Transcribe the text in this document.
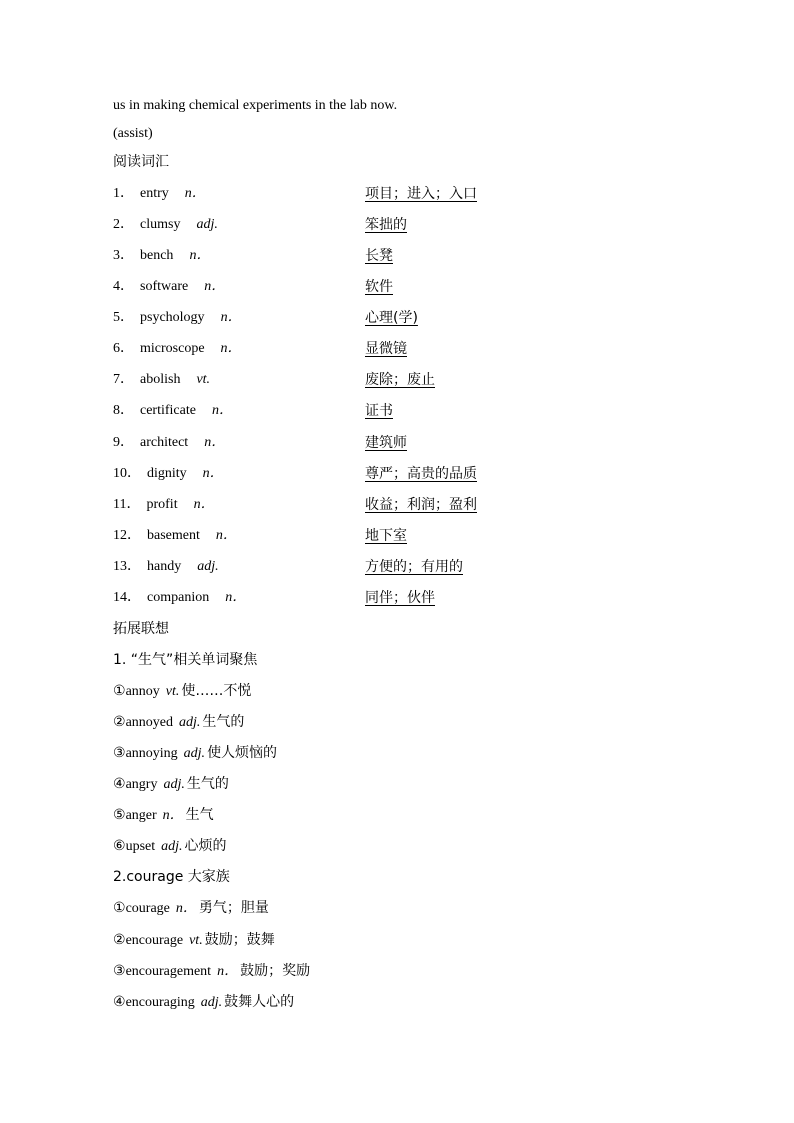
us in making chemical experiments in the lab now.
(assist)
阅读词汇
1． entry n．	项目；进入；入口
2． clumsy adj.	笨拙的
3． bench n．	长凳
4． software n．	软件
5． psychology n．	心理(学)
6． microscope n．	显微镜
7． abolish vt.	废除；废止
8． certificate n．	证书
9． architect n．	建筑师
10． dignity n．	尊严；高贵的品质
11． profit n．	收益；利润；盈利
12． basement n．	地下室
13． handy adj.	方便的；有用的
14． companion n．	同伴；伙伴
拓展联想
1. “生气”相关单词聚焦
①annoy vt. 使……不悦
②annoyed adj. 生气的
③annoying adj. 使人烦恼的
④angry adj. 生气的
⑤anger n． 生气
⑥upset adj. 心烦的
2.courage 大家族
①courage n． 勇气；胆量
②encourage vt. 鼓励；鼓舞
③encouragement n． 鼓励；奖励
④encouraging adj. 鼓舞人心的
